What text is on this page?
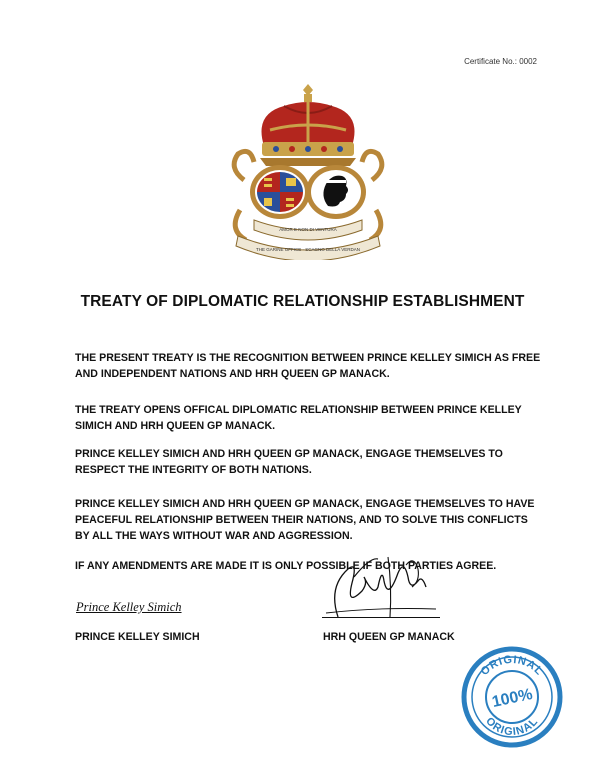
Certificate No.: 0002
AMOR E NON DI VENTURA
THE GARINE OFFICE · SCAGNO DELLA VERDAN
TREATY OF DIPLOMATIC RELATIONSHIP ESTABLISHMENT

THE PRESENT TREATY IS THE RECOGNITION BETWEEN PRINCE KELLEY SIMICH AS FREE AND INDEPENDENT NATIONS AND HRH QUEEN GP MANACK.

THE TREATY OPENS OFFICAL DIPLOMATIC RELATIONSHIP BETWEEN PRINCE KELLEY SIMICH AND HRH QUEEN GP MANACK.

PRINCE KELLEY SIMICH AND HRH QUEEN GP MANACK, ENGAGE THEMSELVES TO RESPECT THE INTEGRITY OF BOTH NATIONS.

PRINCE KELLEY SIMICH AND HRH QUEEN GP MANACK, ENGAGE THEMSELVES TO HAVE PEACEFUL RELATIONSHIP BETWEEN THEIR NATIONS, AND TO SOLVE THIS CONFLICTS BY ALL THE WAYS WITHOUT WAR AND AGGRESSION.

IF ANY AMENDMENTS ARE MADE IT IS ONLY POSSIBLE IF BOTH PARTIES AGREE.

Prince Kelley Simich
PRINCE KELLEY SIMICH	HRH QUEEN GP MANACK
ORIGINAL
ORIGINAL
100%
